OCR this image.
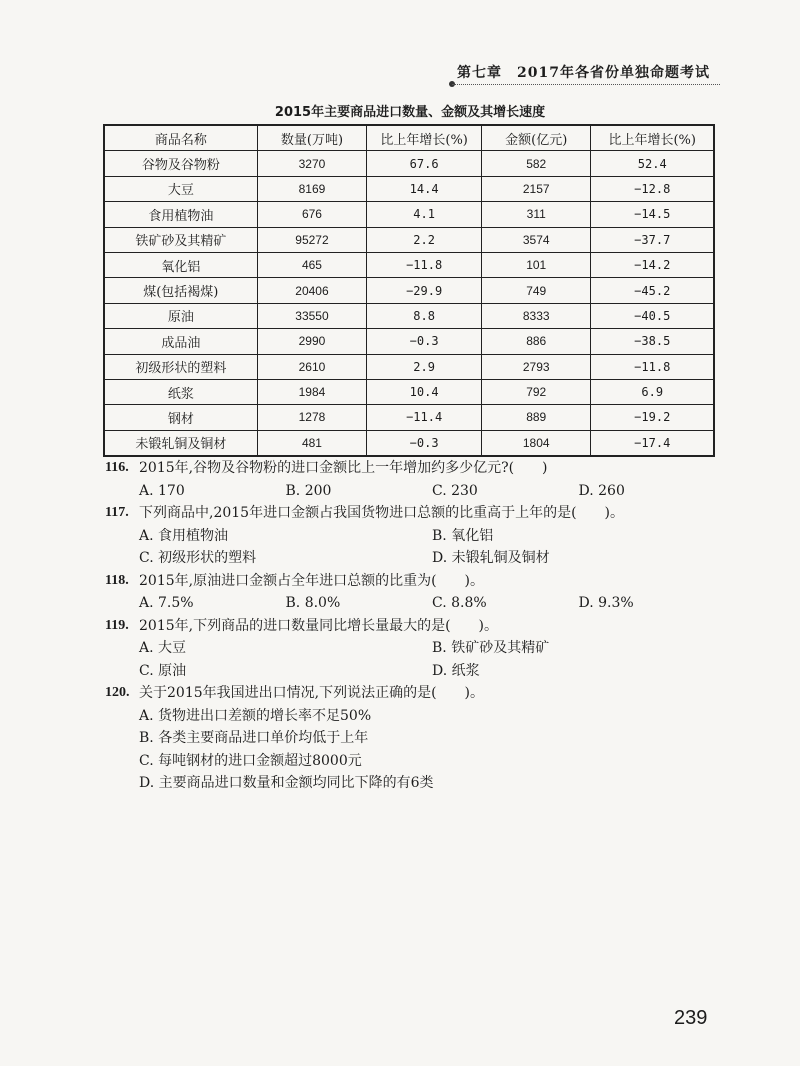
第七章　2017年各省份单独命题考试
2015年主要商品进口数量、金额及其增长速度
商品名称	数量(万吨)	比上年增长(%)	金额(亿元)	比上年增长(%)
谷物及谷物粉	3270	67.6	582	52.4
大豆	8169	14.4	2157	−12.8
食用植物油	676	4.1	311	−14.5
铁矿砂及其精矿	95272	2.2	3574	−37.7
氧化铝	465	−11.8	101	−14.2
煤(包括褐煤)	20406	−29.9	749	−45.2
原油	33550	8.8	8333	−40.5
成品油	2990	−0.3	886	−38.5
初级形状的塑料	2610	2.9	2793	−11.8
纸浆	1984	10.4	792	6.9
钢材	1278	−11.4	889	−19.2
未锻轧铜及铜材	481	−0.3	1804	−17.4
116. 2015年,谷物及谷物粉的进口金额比上一年增加约多少亿元?(　　)
A. 170	B. 200	C. 230	D. 260
117. 下列商品中,2015年进口金额占我国货物进口总额的比重高于上年的是(　　)。
A. 食用植物油	B. 氧化铝
C. 初级形状的塑料	D. 未锻轧铜及铜材
118. 2015年,原油进口金额占全年进口总额的比重为(　　)。
A. 7.5%	B. 8.0%	C. 8.8%	D. 9.3%
119. 2015年,下列商品的进口数量同比增长量最大的是(　　)。
A. 大豆	B. 铁矿砂及其精矿
C. 原油	D. 纸浆
120. 关于2015年我国进出口情况,下列说法正确的是(　　)。
A. 货物进出口差额的增长率不足50%
B. 各类主要商品进口单价均低于上年
C. 每吨钢材的进口金额超过8000元
D. 主要商品进口数量和金额均同比下降的有6类
239
